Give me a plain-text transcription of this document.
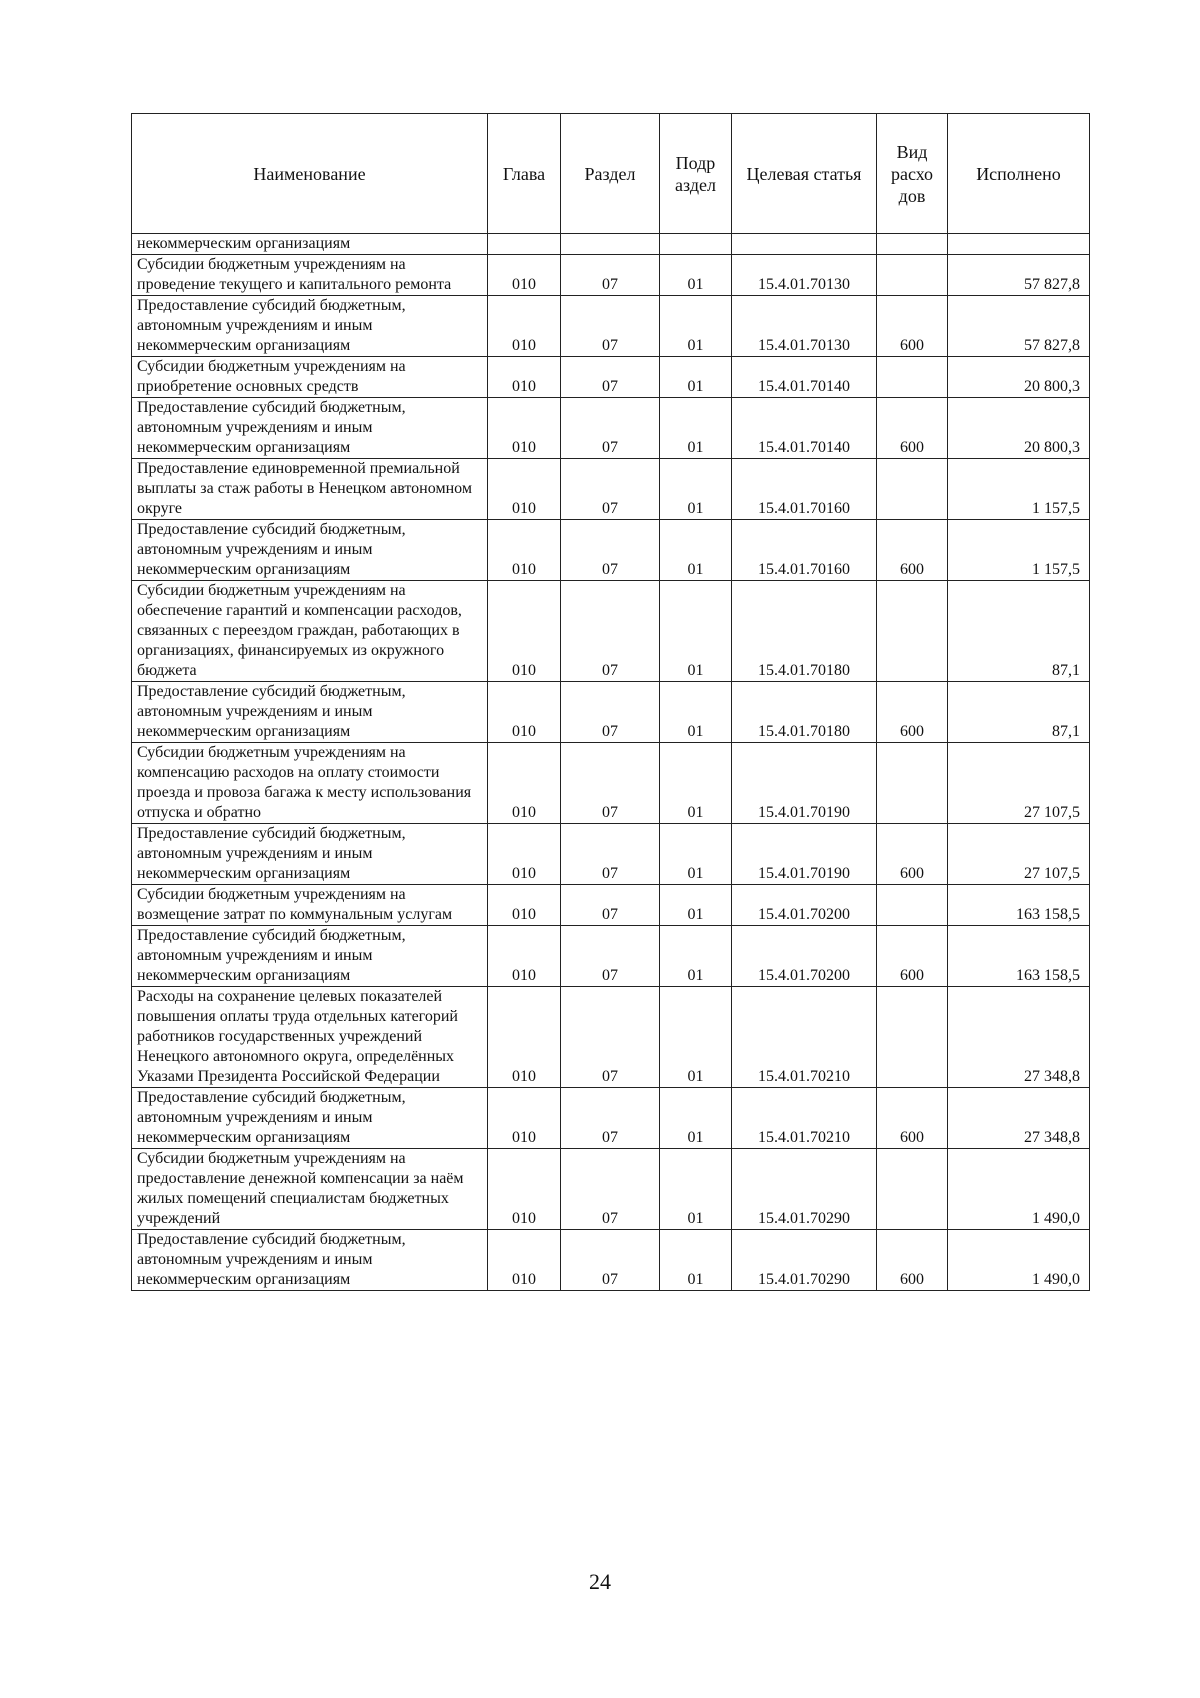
Наименование	Глава	Раздел	Подр аздел	Целевая статья	Вид расхо дов	Исполнено
некоммерческим организациям						
Субсидии бюджетным учреждениям на проведение текущего и капитального ремонта	010	07	01	15.4.01.70130		57 827,8
Предоставление субсидий бюджетным, автономным учреждениям и иным некоммерческим организациям	010	07	01	15.4.01.70130	600	57 827,8
Субсидии бюджетным учреждениям на приобретение основных средств	010	07	01	15.4.01.70140		20 800,3
Предоставление субсидий бюджетным, автономным учреждениям и иным некоммерческим организациям	010	07	01	15.4.01.70140	600	20 800,3
Предоставление единовременной премиальной выплаты за стаж работы в Ненецком автономном округе	010	07	01	15.4.01.70160		1 157,5
Предоставление субсидий бюджетным, автономным учреждениям и иным некоммерческим организациям	010	07	01	15.4.01.70160	600	1 157,5
Субсидии бюджетным учреждениям на обеспечение гарантий и компенсации расходов, связанных с переездом граждан, работающих в организациях, финансируемых из окружного бюджета	010	07	01	15.4.01.70180		87,1
Предоставление субсидий бюджетным, автономным учреждениям и иным некоммерческим организациям	010	07	01	15.4.01.70180	600	87,1
Субсидии бюджетным учреждениям на компенсацию расходов на оплату стоимости проезда и провоза багажа к месту использования отпуска и обратно	010	07	01	15.4.01.70190		27 107,5
Предоставление субсидий бюджетным, автономным учреждениям и иным некоммерческим организациям	010	07	01	15.4.01.70190	600	27 107,5
Субсидии бюджетным учреждениям на возмещение затрат по коммунальным услугам	010	07	01	15.4.01.70200		163 158,5
Предоставление субсидий бюджетным, автономным учреждениям и иным некоммерческим организациям	010	07	01	15.4.01.70200	600	163 158,5
Расходы на сохранение целевых показателей повышения оплаты труда отдельных категорий работников государственных учреждений Ненецкого автономного округа, определённых Указами Президента Российской Федерации	010	07	01	15.4.01.70210		27 348,8
Предоставление субсидий бюджетным, автономным учреждениям и иным некоммерческим организациям	010	07	01	15.4.01.70210	600	27 348,8
Субсидии бюджетным учреждениям на предоставление денежной компенсации за наём жилых помещений специалистам бюджетных учреждений	010	07	01	15.4.01.70290		1 490,0
Предоставление субсидий бюджетным, автономным учреждениям и иным некоммерческим организациям	010	07	01	15.4.01.70290	600	1 490,0
24
